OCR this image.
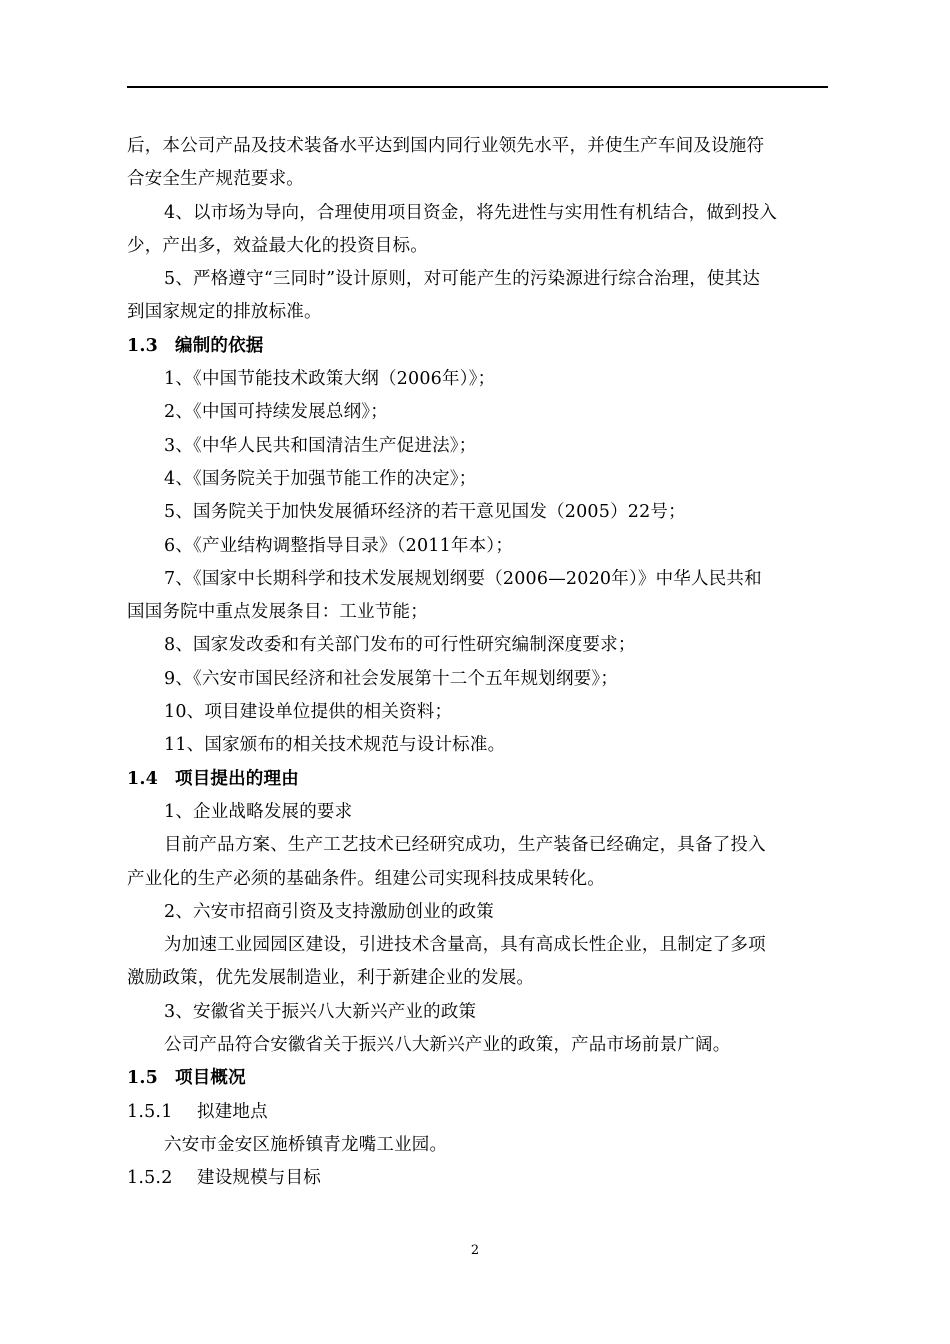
后，本公司产品及技术装备水平达到国内同行业领先水平，并使生产车间及设施符
合安全生产规范要求。
4、以市场为导向，合理使用项目资金，将先进性与实用性有机结合，做到投入
少，产出多，效益最大化的投资目标。
5、严格遵守“三同时”设计原则，对可能产生的污染源进行综合治理，使其达
到国家规定的排放标准。
1.3 编制的依据
1、《中国节能技术政策大纲（2006年）》；
2、《中国可持续发展总纲》；
3、《中华人民共和国清洁生产促进法》；
4、《国务院关于加强节能工作的决定》；
5、国务院关于加快发展循环经济的若干意见国发（2005）22号；
6、《产业结构调整指导目录》（2011年本）；
7、《国家中长期科学和技术发展规划纲要（2006—2020年）》中华人民共和
国国务院中重点发展条目：工业节能；
8、国家发改委和有关部门发布的可行性研究编制深度要求；
9、《六安市国民经济和社会发展第十二个五年规划纲要》；
10、项目建设单位提供的相关资料；
11、国家颁布的相关技术规范与设计标准。
1.4 项目提出的理由
1、企业战略发展的要求
目前产品方案、生产工艺技术已经研究成功，生产装备已经确定，具备了投入
产业化的生产必须的基础条件。组建公司实现科技成果转化。
2、六安市招商引资及支持激励创业的政策
为加速工业园园区建设，引进技术含量高，具有高成长性企业，且制定了多项
激励政策，优先发展制造业，利于新建企业的发展。
3、安徽省关于振兴八大新兴产业的政策
公司产品符合安徽省关于振兴八大新兴产业的政策，产品市场前景广阔。
1.5 项目概况
1.5.1 拟建地点
六安市金安区施桥镇青龙嘴工业园。
1.5.2 建设规模与目标
2
